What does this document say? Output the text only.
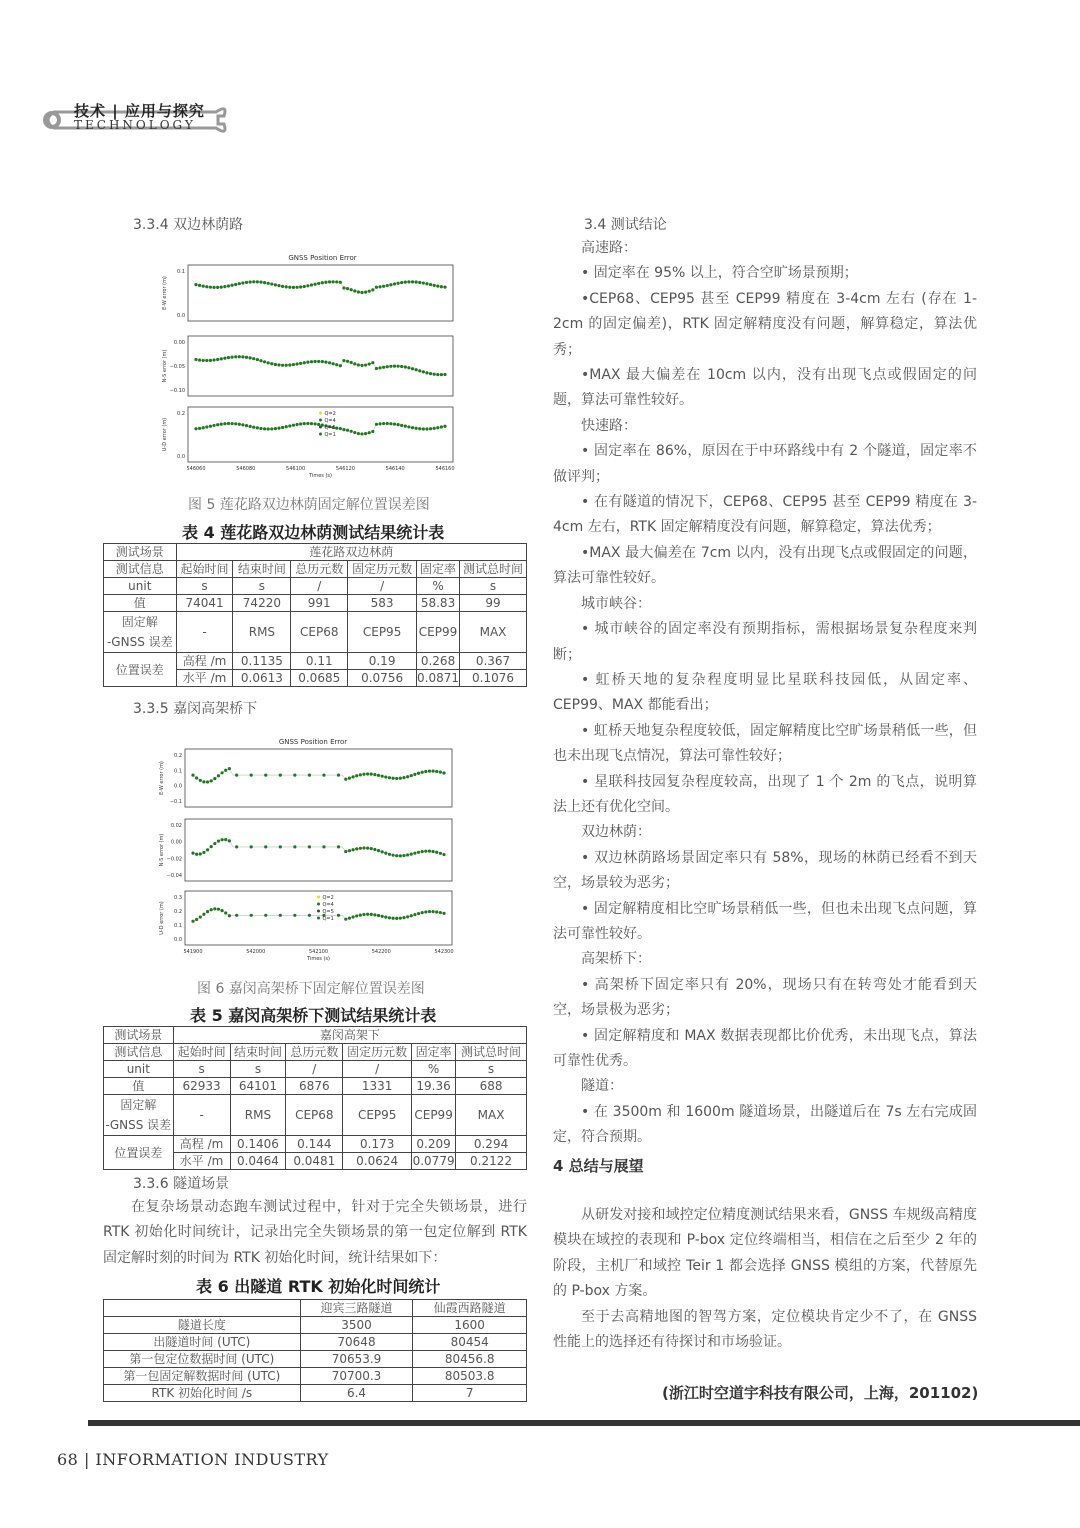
技术 | 应用与探究
TECHNOLOGY
3.3.4 双边林荫路
GNSS Position Error
E-W error (m)
0.1
0.0
N-S error (m)
0.00
−0.05
−0.10
U-D error (m)
0.2
0.0
546060	546080	546100	546120	546140	546160
Times (s)
Q=2
Q=4
Q=5
Q=1
图 5 莲花路双边林荫固定解位置误差图
表 4 莲花路双边林荫测试结果统计表
测试场景	莲花路双边林荫					
测试信息	起始时间	结束时间	总历元数	固定历元数	固定率	测试总时间
unit	s	s	/	/	%	s
值	74041	74220	991	583	58.83	99
固定解
-GNSS 误差	-	RMS	CEP68	CEP95	CEP99	MAX
位置误差	高程 /m	0.1135	0.11	0.19	0.268	0.367
	水平 /m	0.0613	0.0685	0.0756	0.0871	0.1076
3.3.5 嘉闵高架桥下
GNSS Position Error
E-W error (m)
0.2
0.1
0.0
−0.1
N-S error (m)
0.02
0.00
−0.02
−0.04
U-D error (m)
0.3
0.2
0.1
0.0
541900	542000	542100	542200	542300
Times (s)
Q=2
Q=4
Q=5
Q=1
图 6 嘉闵高架桥下固定解位置误差图
表 5 嘉闵高架桥下测试结果统计表
测试场景	嘉闵高架下					
测试信息	起始时间	结束时间	总历元数	固定历元数	固定率	测试总时间
unit	s	s	/	/	%	s
值	62933	64101	6876	1331	19.36	688
固定解
-GNSS 误差	-	RMS	CEP68	CEP95	CEP99	MAX
位置误差	高程 /m	0.1406	0.144	0.173	0.209	0.294
	水平 /m	0.0464	0.0481	0.0624	0.0779	0.2122
3.3.6 隧道场景

在复杂场景动态跑车测试过程中，针对于完全失锁场景，进行 RTK 初始化时间统计，记录出完全失锁场景的第一包定位解到 RTK 固定解时刻的时间为 RTK 初始化时间，统计结果如下：

表 6 出隧道 RTK 初始化时间统计
	迎宾三路隧道	仙霞西路隧道
隧道长度	3500	1600
出隧道时间 (UTC)	70648	80454
第一包定位数据时间 (UTC)	70653.9	80456.8
第一包固定解数据时间 (UTC)	70700.3	80503.8
RTK 初始化时间 /s	6.4	7
3.4 测试结论

高速路：

• 固定率在 95% 以上，符合空旷场景预期；

•CEP68、CEP95 甚至 CEP99 精度在 3-4cm 左右 (存在 1-2cm 的固定偏差)，RTK 固定解精度没有问题，解算稳定，算法优秀；

•MAX 最大偏差在 10cm 以内，没有出现飞点或假固定的问题，算法可靠性较好。

快速路：

• 固定率在 86%，原因在于中环路线中有 2 个隧道，固定率不做评判；

• 在有隧道的情况下，CEP68、CEP95 甚至 CEP99 精度在 3-4cm 左右，RTK 固定解精度没有问题，解算稳定，算法优秀；

•MAX 最大偏差在 7cm 以内，没有出现飞点或假固定的问题，算法可靠性较好。

城市峡谷：

• 城市峡谷的固定率没有预期指标，需根据场景复杂程度来判断；

• 虹桥天地的复杂程度明显比星联科技园低，从固定率、CEP99、MAX 都能看出；

• 虹桥天地复杂程度较低，固定解精度比空旷场景稍低一些，但也未出现飞点情况，算法可靠性较好；

• 星联科技园复杂程度较高，出现了 1 个 2m 的飞点，说明算法上还有优化空间。

双边林荫：

• 双边林荫路场景固定率只有 58%，现场的林荫已经看不到天空，场景较为恶劣；

• 固定解精度相比空旷场景稍低一些，但也未出现飞点问题，算法可靠性较好。

高架桥下：

• 高架桥下固定率只有 20%，现场只有在转弯处才能看到天空，场景极为恶劣；

• 固定解精度和 MAX 数据表现都比价优秀，未出现飞点，算法可靠性优秀。

隧道：

• 在 3500m 和 1600m 隧道场景，出隧道后在 7s 左右完成固定，符合预期。

4 总结与展望

从研发对接和域控定位精度测试结果来看，GNSS 车规级高精度模块在域控的表现和 P-box 定位终端相当，相信在之后至少 2 年的阶段，主机厂和域控 Teir 1 都会选择 GNSS 模组的方案，代替原先的 P-box 方案。

至于去高精地图的智驾方案，定位模块肯定少不了，在 GNSS 性能上的选择还有待探讨和市场验证。

(浙江时空道宇科技有限公司，上海，201102)
68 | INFORMATION INDUSTRY
